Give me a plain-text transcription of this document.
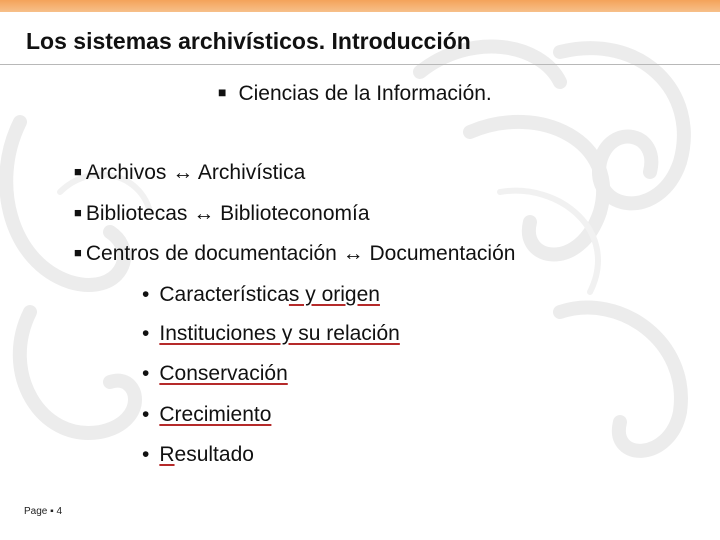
Los sistemas archivísticos. Introducción
■ Ciencias de la Información.
■ Archivos ↔ Archivística
■ Bibliotecas ↔ Biblioteconomía
■ Centros de documentación ↔ Documentación
• Características y origen
• Instituciones y su relación
• Conservación
• Crecimiento
• Resultado
Page ▪ 4
